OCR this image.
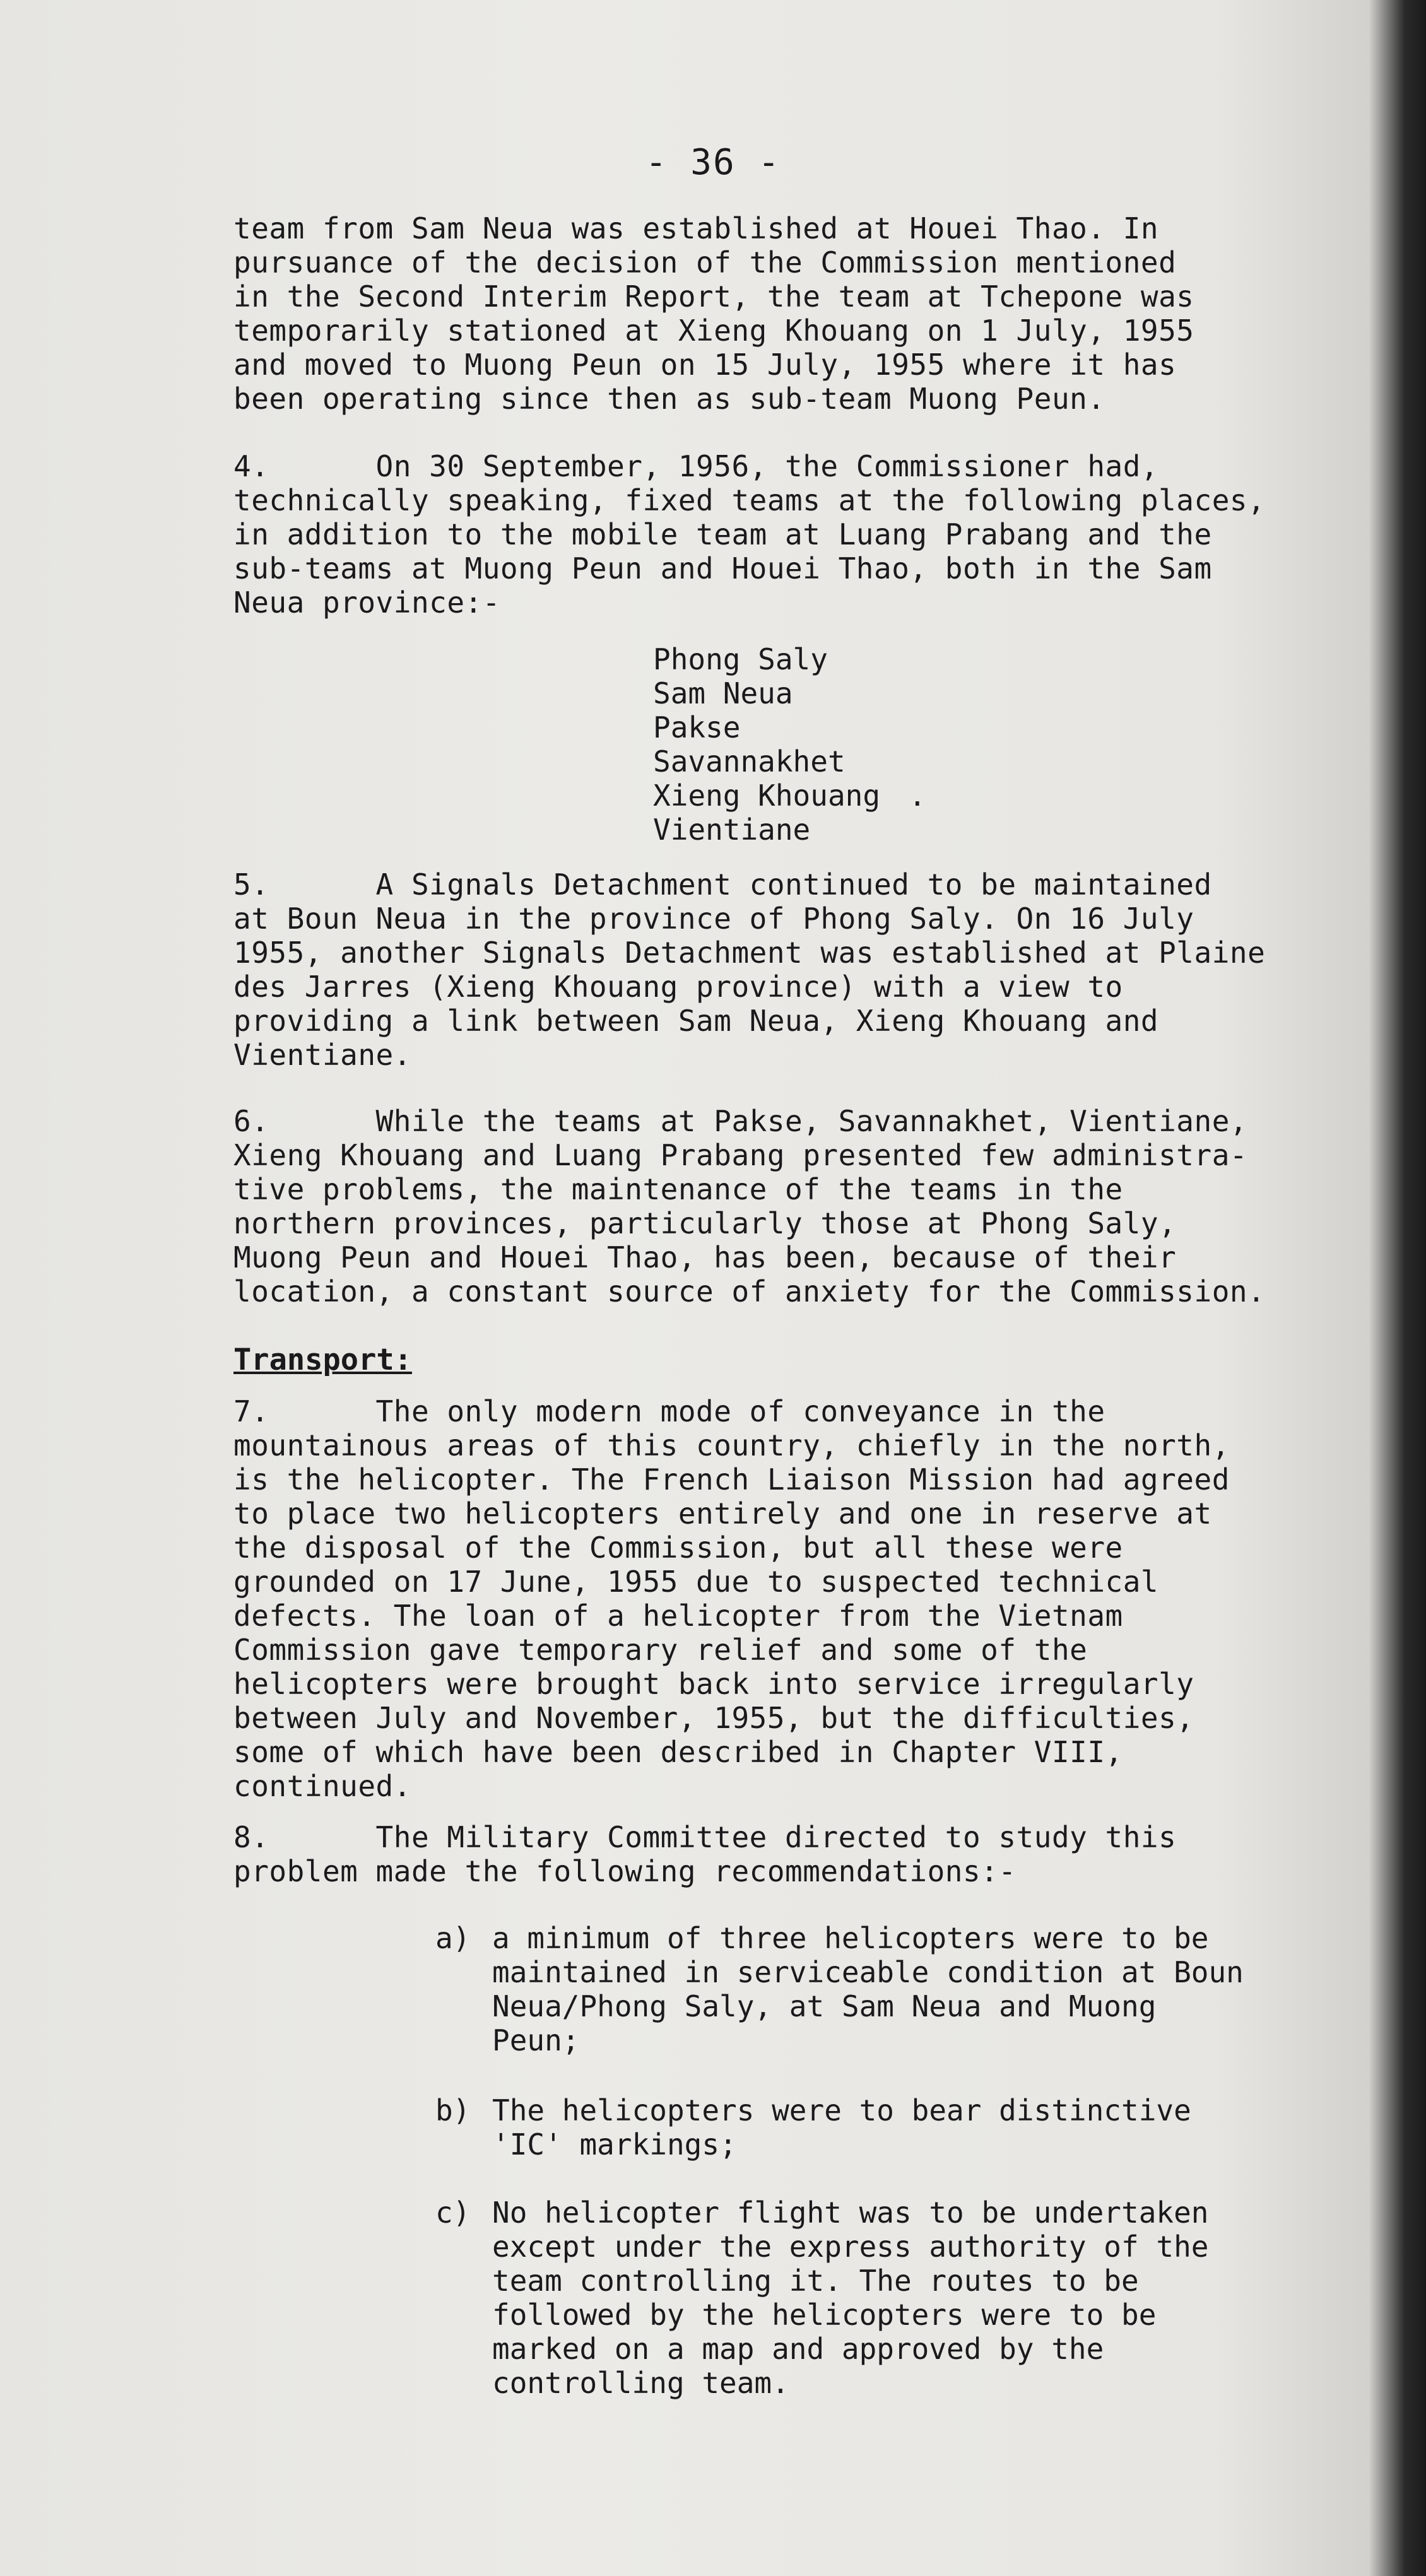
- 36 -
team from Sam Neua was established at Houei Thao. In
pursuance of the decision of the Commission mentioned
in the Second Interim Report, the team at Tchepone was
temporarily stationed at Xieng Khouang on 1 July, 1955
and moved to Muong Peun on 15 July, 1955 where it has
been operating since then as sub-team Muong Peun.
4.      On 30 September, 1956, the Commissioner had,
technically speaking, fixed teams at the following places,
in addition to the mobile team at Luang Prabang and the
sub-teams at Muong Peun and Houei Thao, both in the Sam
Neua province:-
Phong Saly
Sam Neua
Pakse
Savannakhet
Xieng Khouang
Vientiane
.
5.      A Signals Detachment continued to be maintained
at Boun Neua in the province of Phong Saly. On 16 July
1955, another Signals Detachment was established at Plaine
des Jarres (Xieng Khouang province) with a view to
providing a link between Sam Neua, Xieng Khouang and
Vientiane.
6.      While the teams at Pakse, Savannakhet, Vientiane,
Xieng Khouang and Luang Prabang presented few administra-
tive problems, the maintenance of the teams in the
northern provinces, particularly those at Phong Saly,
Muong Peun and Houei Thao, has been, because of their
location, a constant source of anxiety for the Commission.
Transport:
7.      The only modern mode of conveyance in the
mountainous areas of this country, chiefly in the north,
is the helicopter. The French Liaison Mission had agreed
to place two helicopters entirely and one in reserve at
the disposal of the Commission, but all these were
grounded on 17 June, 1955 due to suspected technical
defects. The loan of a helicopter from the Vietnam
Commission gave temporary relief and some of the
helicopters were brought back into service irregularly
between July and November, 1955, but the difficulties,
some of which have been described in Chapter VIII,
continued.
8.      The Military Committee directed to study this
problem made the following recommendations:-
a) a minimum of three helicopters were to be
maintained in serviceable condition at Boun
Neua/Phong Saly, at Sam Neua and Muong
Peun;
b) The helicopters were to bear distinctive
'IC' markings;
c) No helicopter flight was to be undertaken
except under the express authority of the
team controlling it. The routes to be
followed by the helicopters were to be
marked on a map and approved by the
controlling team.
